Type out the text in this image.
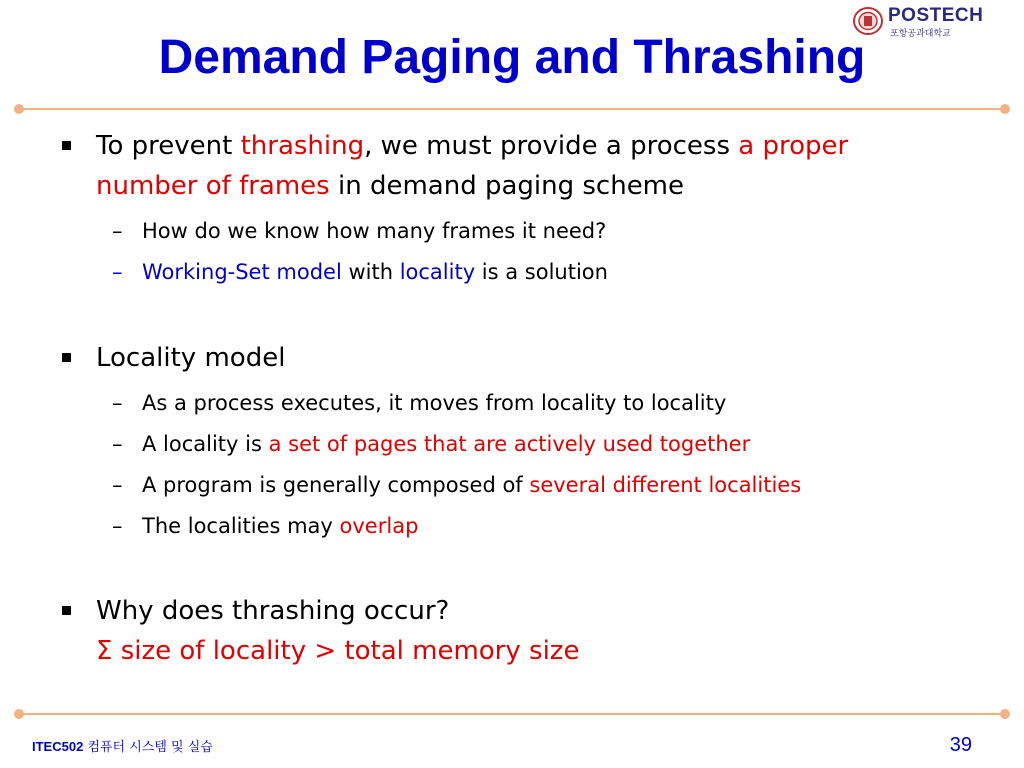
Demand Paging and Thrashing
POSTECH
포항공과대학교
To prevent thrashing, we must provide a process a proper
number of frames in demand paging scheme
– How do we know how many frames it need?
– Working-Set model with locality is a solution
Locality model
– As a process executes, it moves from locality to locality
– A locality is a set of pages that are actively used together
– A program is generally composed of several different localities
– The localities may overlap
Why does thrashing occur?
Σ size of locality > total memory size
ITEC502 컴퓨터 시스템 및 실습	39
